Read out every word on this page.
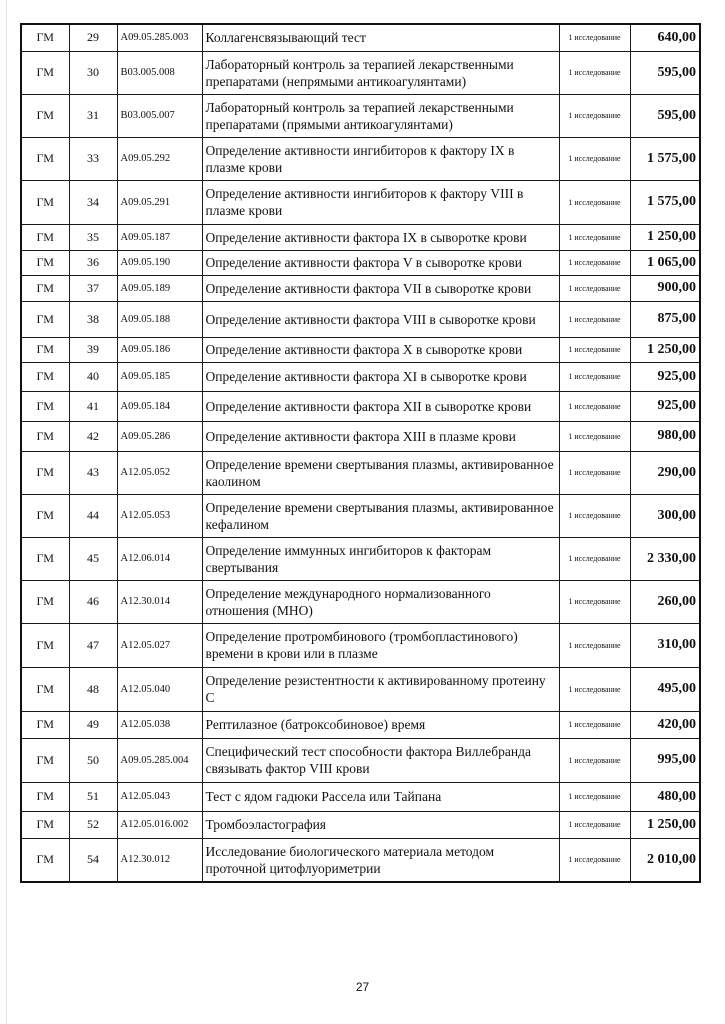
ГМ	29	A09.05.285.003	Коллагенсвязывающий тест	1 исследование	640,00
ГМ	30	B03.005.008	Лабораторный контроль за терапией лекарственными препаратами (непрямыми антикоагулянтами)	1 исследование	595,00
ГМ	31	B03.005.007	Лабораторный контроль за терапией лекарственными препаратами (прямыми антикоагулянтами)	1 исследование	595,00
ГМ	33	A09.05.292	Определение активности ингибиторов к фактору IX в плазме крови	1 исследование	1 575,00
ГМ	34	A09.05.291	Определение активности ингибиторов к фактору VIII в плазме крови	1 исследование	1 575,00
ГМ	35	A09.05.187	Определение активности фактора IX в сыворотке крови	1 исследование	1 250,00
ГМ	36	A09.05.190	Определение активности фактора V в сыворотке крови	1 исследование	1 065,00
ГМ	37	A09.05.189	Определение активности фактора VII в сыворотке крови	1 исследование	900,00
ГМ	38	A09.05.188	Определение активности фактора VIII в сыворотке крови	1 исследование	875,00
ГМ	39	A09.05.186	Определение активности фактора X в сыворотке крови	1 исследование	1 250,00
ГМ	40	A09.05.185	Определение активности фактора XI в сыворотке крови	1 исследование	925,00
ГМ	41	A09.05.184	Определение активности фактора XII в сыворотке крови	1 исследование	925,00
ГМ	42	A09.05.286	Определение активности фактора XIII в плазме крови	1 исследование	980,00
ГМ	43	A12.05.052	Определение времени свертывания плазмы, активированное каолином	1 исследование	290,00
ГМ	44	A12.05.053	Определение времени свертывания плазмы, активированное кефалином	1 исследование	300,00
ГМ	45	A12.06.014	Определение иммунных ингибиторов к факторам свертывания	1 исследование	2 330,00
ГМ	46	A12.30.014	Определение международного нормализованного отношения (МНО)	1 исследование	260,00
ГМ	47	A12.05.027	Определение протромбинового (тромбопластинового) времени в крови или в плазме	1 исследование	310,00
ГМ	48	A12.05.040	Определение резистентности к активированному протеину С	1 исследование	495,00
ГМ	49	A12.05.038	Рептилазное (батроксобиновое) время	1 исследование	420,00
ГМ	50	A09.05.285.004	Специфический тест способности фактора Виллебранда связывать фактор VIII крови	1 исследование	995,00
ГМ	51	A12.05.043	Тест с ядом гадюки Рассела или Тайпана	1 исследование	480,00
ГМ	52	A12.05.016.002	Тромбоэластография	1 исследование	1 250,00
ГМ	54	A12.30.012	Исследование биологического материала методом проточной цитофлуориметрии	1 исследование	2 010,00
27
